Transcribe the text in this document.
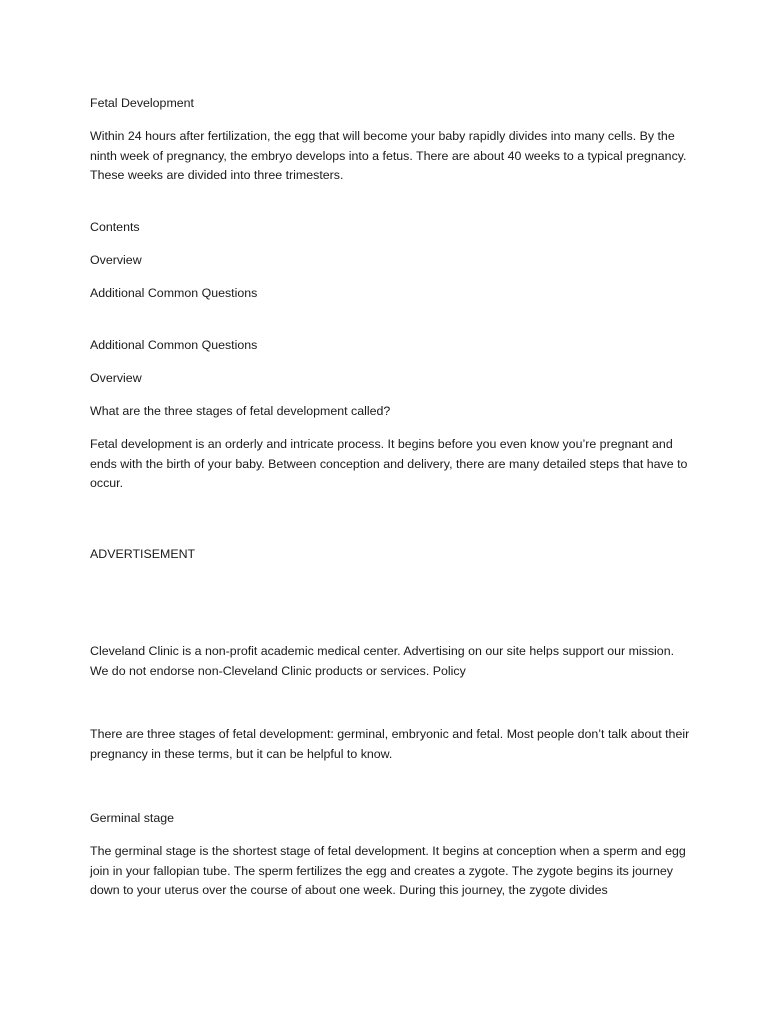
Fetal Development

Within 24 hours after fertilization, the egg that will become your baby rapidly divides into many cells. By the ninth week of pregnancy, the embryo develops into a fetus. There are about 40 weeks to a typical pregnancy. These weeks are divided into three trimesters.

Contents

Overview

Additional Common Questions

Additional Common Questions

Overview

What are the three stages of fetal development called?

Fetal development is an orderly and intricate process. It begins before you even know you’re pregnant and ends with the birth of your baby. Between conception and delivery, there are many detailed steps that have to occur.

ADVERTISEMENT

Cleveland Clinic is a non-profit academic medical center. Advertising on our site helps support our mission. We do not endorse non-Cleveland Clinic products or services. Policy

There are three stages of fetal development: germinal, embryonic and fetal. Most people don’t talk about their pregnancy in these terms, but it can be helpful to know.

Germinal stage

The germinal stage is the shortest stage of fetal development. It begins at conception when a sperm and egg join in your fallopian tube. The sperm fertilizes the egg and creates a zygote. The zygote begins its journey down to your uterus over the course of about one week. During this journey, the zygote divides
